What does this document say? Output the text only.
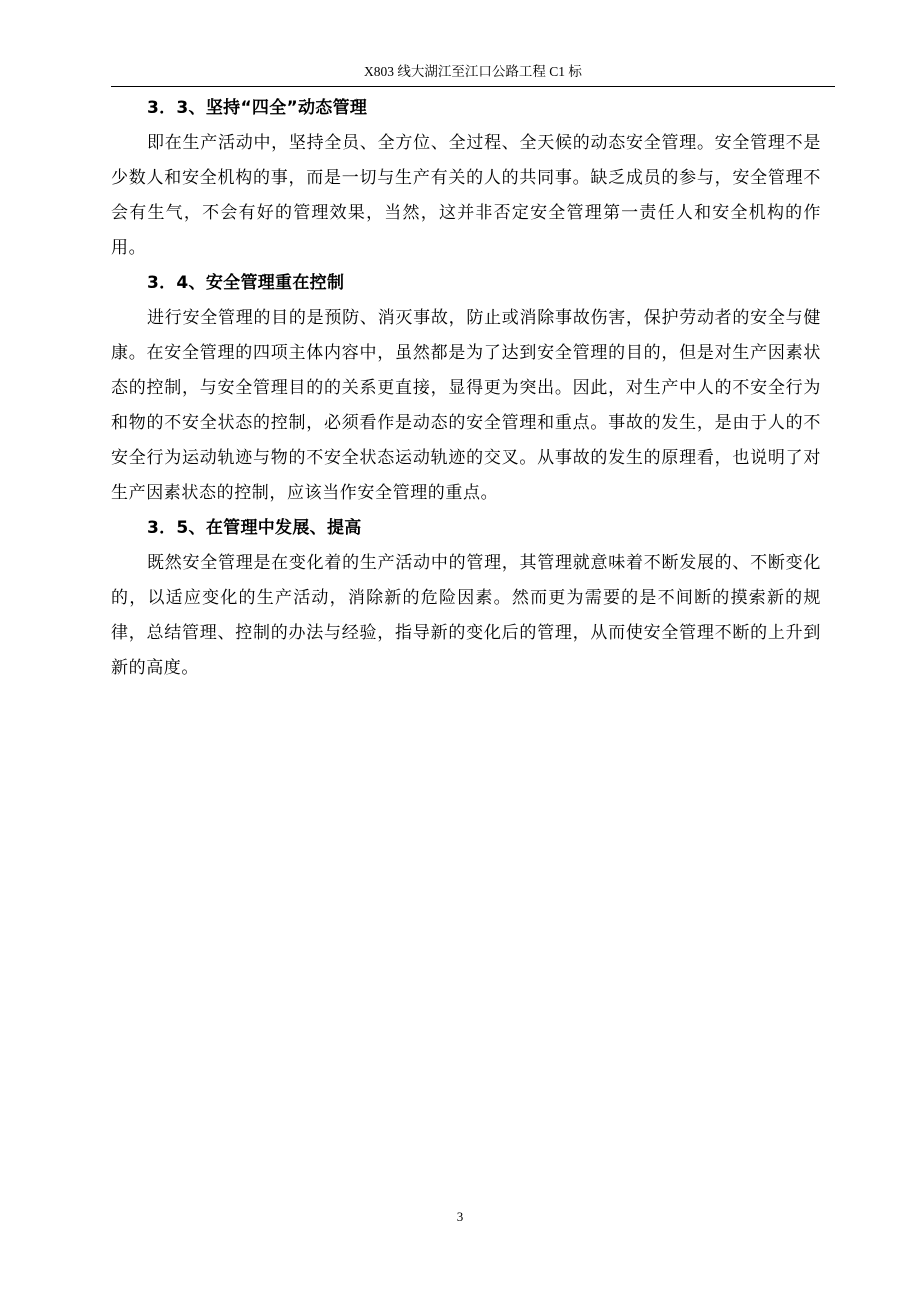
X803 线大湖江至江口公路工程 C1 标

3．3、坚持“四全”动态管理

即在生产活动中，坚持全员、全方位、全过程、全天候的动态安全管理。安全管理不是少数人和安全机构的事，而是一切与生产有关的人的共同事。缺乏成员的参与，安全管理不会有生气，不会有好的管理效果，当然，这并非否定安全管理第一责任人和安全机构的作用。

3．4、安全管理重在控制

进行安全管理的目的是预防、消灭事故，防止或消除事故伤害，保护劳动者的安全与健康。在安全管理的四项主体内容中，虽然都是为了达到安全管理的目的，但是对生产因素状态的控制，与安全管理目的的关系更直接，显得更为突出。因此，对生产中人的不安全行为和物的不安全状态的控制，必须看作是动态的安全管理和重点。事故的发生，是由于人的不安全行为运动轨迹与物的不安全状态运动轨迹的交叉。从事故的发生的原理看，也说明了对生产因素状态的控制，应该当作安全管理的重点。

3．5、在管理中发展、提高

既然安全管理是在变化着的生产活动中的管理，其管理就意味着不断发展的、不断变化的，以适应变化的生产活动，消除新的危险因素。然而更为需要的是不间断的摸索新的规律，总结管理、控制的办法与经验，指导新的变化后的管理，从而使安全管理不断的上升到新的高度。

3
